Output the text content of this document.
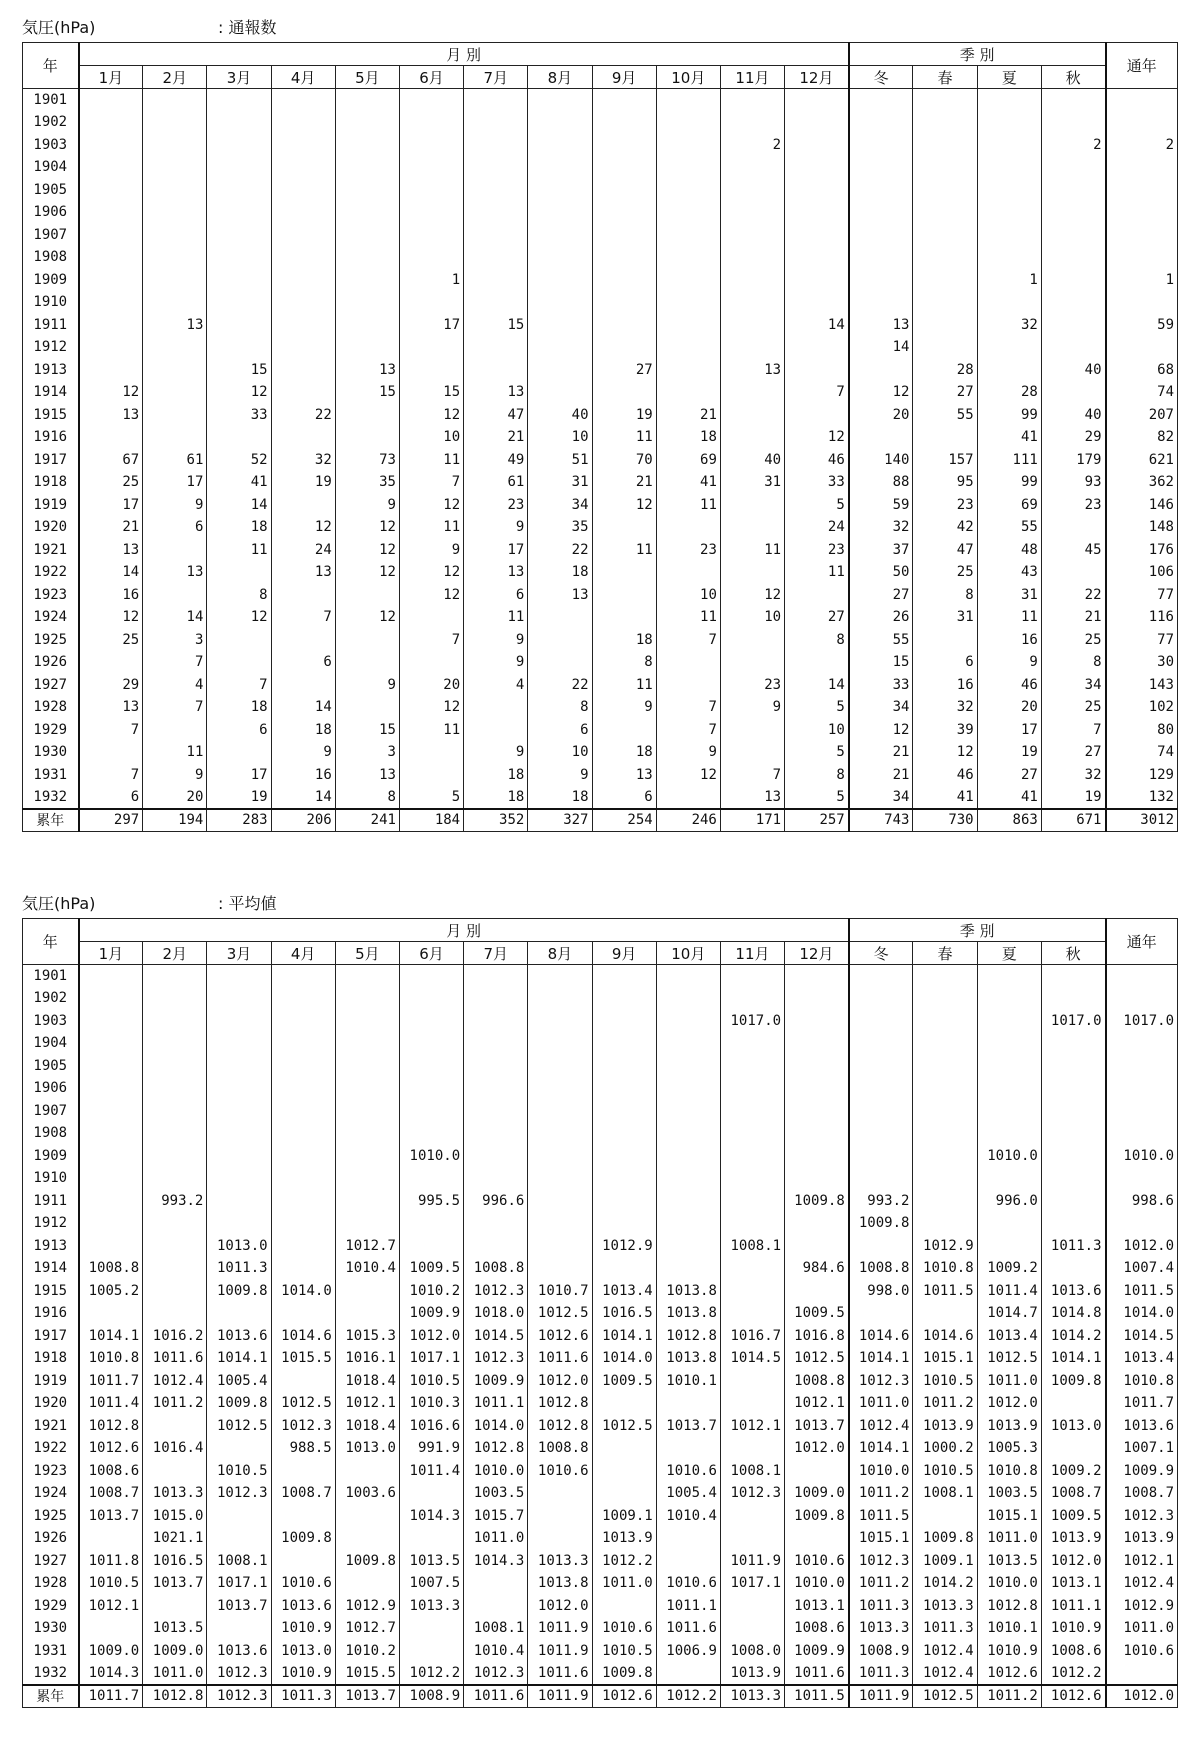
気圧(hPa)	: 通報数
年	月 別												季 別				通年
	1月	2月	3月	4月	5月	6月	7月	8月	9月	10月	11月	12月	冬	春	夏	秋	
1901																	
1902																	
1903											2					2	2
1904																	
1905																	
1906																	
1907																	
1908																	
1909						1									1		1
1910																	
1911		13				17	15					14	13		32		59
1912													14				
1913			15		13				27		13			28		40	68
1914	12		12		15	15	13					7	12	27	28		74
1915	13		33	22		12	47	40	19	21			20	55	99	40	207
1916						10	21	10	11	18		12			41	29	82
1917	67	61	52	32	73	11	49	51	70	69	40	46	140	157	111	179	621
1918	25	17	41	19	35	7	61	31	21	41	31	33	88	95	99	93	362
1919	17	9	14		9	12	23	34	12	11		5	59	23	69	23	146
1920	21	6	18	12	12	11	9	35				24	32	42	55		148
1921	13		11	24	12	9	17	22	11	23	11	23	37	47	48	45	176
1922	14	13		13	12	12	13	18				11	50	25	43		106
1923	16		8			12	6	13		10	12		27	8	31	22	77
1924	12	14	12	7	12		11			11	10	27	26	31	11	21	116
1925	25	3				7	9		18	7		8	55		16	25	77
1926		7		6			9		8				15	6	9	8	30
1927	29	4	7		9	20	4	22	11		23	14	33	16	46	34	143
1928	13	7	18	14		12		8	9	7	9	5	34	32	20	25	102
1929	7		6	18	15	11		6		7		10	12	39	17	7	80
1930		11		9	3		9	10	18	9		5	21	12	19	27	74
1931	7	9	17	16	13		18	9	13	12	7	8	21	46	27	32	129
1932	6	20	19	14	8	5	18	18	6		13	5	34	41	41	19	132
累年	297	194	283	206	241	184	352	327	254	246	171	257	743	730	863	671	3012
気圧(hPa)	: 平均値
年	月 別												季 別				通年
	1月	2月	3月	4月	5月	6月	7月	8月	9月	10月	11月	12月	冬	春	夏	秋	
1901																	
1902																	
1903											1017.0					1017.0	1017.0
1904																	
1905																	
1906																	
1907																	
1908																	
1909						1010.0									1010.0		1010.0
1910																	
1911		993.2				995.5	996.6					1009.8	993.2		996.0		998.6
1912													1009.8				
1913			1013.0		1012.7				1012.9		1008.1			1012.9		1011.3	1012.0
1914	1008.8		1011.3		1010.4	1009.5	1008.8					984.6	1008.8	1010.8	1009.2		1007.4
1915	1005.2		1009.8	1014.0		1010.2	1012.3	1010.7	1013.4	1013.8			998.0	1011.5	1011.4	1013.6	1011.5
1916						1009.9	1018.0	1012.5	1016.5	1013.8		1009.5			1014.7	1014.8	1014.0
1917	1014.1	1016.2	1013.6	1014.6	1015.3	1012.0	1014.5	1012.6	1014.1	1012.8	1016.7	1016.8	1014.6	1014.6	1013.4	1014.2	1014.5
1918	1010.8	1011.6	1014.1	1015.5	1016.1	1017.1	1012.3	1011.6	1014.0	1013.8	1014.5	1012.5	1014.1	1015.1	1012.5	1014.1	1013.4
1919	1011.7	1012.4	1005.4		1018.4	1010.5	1009.9	1012.0	1009.5	1010.1		1008.8	1012.3	1010.5	1011.0	1009.8	1010.8
1920	1011.4	1011.2	1009.8	1012.5	1012.1	1010.3	1011.1	1012.8				1012.1	1011.0	1011.2	1012.0		1011.7
1921	1012.8		1012.5	1012.3	1018.4	1016.6	1014.0	1012.8	1012.5	1013.7	1012.1	1013.7	1012.4	1013.9	1013.9	1013.0	1013.6
1922	1012.6	1016.4		988.5	1013.0	991.9	1012.8	1008.8				1012.0	1014.1	1000.2	1005.3		1007.1
1923	1008.6		1010.5			1011.4	1010.0	1010.6		1010.6	1008.1		1010.0	1010.5	1010.8	1009.2	1009.9
1924	1008.7	1013.3	1012.3	1008.7	1003.6		1003.5			1005.4	1012.3	1009.0	1011.2	1008.1	1003.5	1008.7	1008.7
1925	1013.7	1015.0				1014.3	1015.7		1009.1	1010.4		1009.8	1011.5		1015.1	1009.5	1012.3
1926		1021.1		1009.8			1011.0		1013.9				1015.1	1009.8	1011.0	1013.9	1013.9
1927	1011.8	1016.5	1008.1		1009.8	1013.5	1014.3	1013.3	1012.2		1011.9	1010.6	1012.3	1009.1	1013.5	1012.0	1012.1
1928	1010.5	1013.7	1017.1	1010.6		1007.5		1013.8	1011.0	1010.6	1017.1	1010.0	1011.2	1014.2	1010.0	1013.1	1012.4
1929	1012.1		1013.7	1013.6	1012.9	1013.3		1012.0		1011.1		1013.1	1011.3	1013.3	1012.8	1011.1	1012.9
1930		1013.5		1010.9	1012.7		1008.1	1011.9	1010.6	1011.6		1008.6	1013.3	1011.3	1010.1	1010.9	1011.0
1931	1009.0	1009.0	1013.6	1013.0	1010.2		1010.4	1011.9	1010.5	1006.9	1008.0	1009.9	1008.9	1012.4	1010.9	1008.6	1010.6
1932	1014.3	1011.0	1012.3	1010.9	1015.5	1012.2	1012.3	1011.6	1009.8		1013.9	1011.6	1011.3	1012.4	1012.6	1012.2	
累年	1011.7	1012.8	1012.3	1011.3	1013.7	1008.9	1011.6	1011.9	1012.6	1012.2	1013.3	1011.5	1011.9	1012.5	1011.2	1012.6	1012.0
